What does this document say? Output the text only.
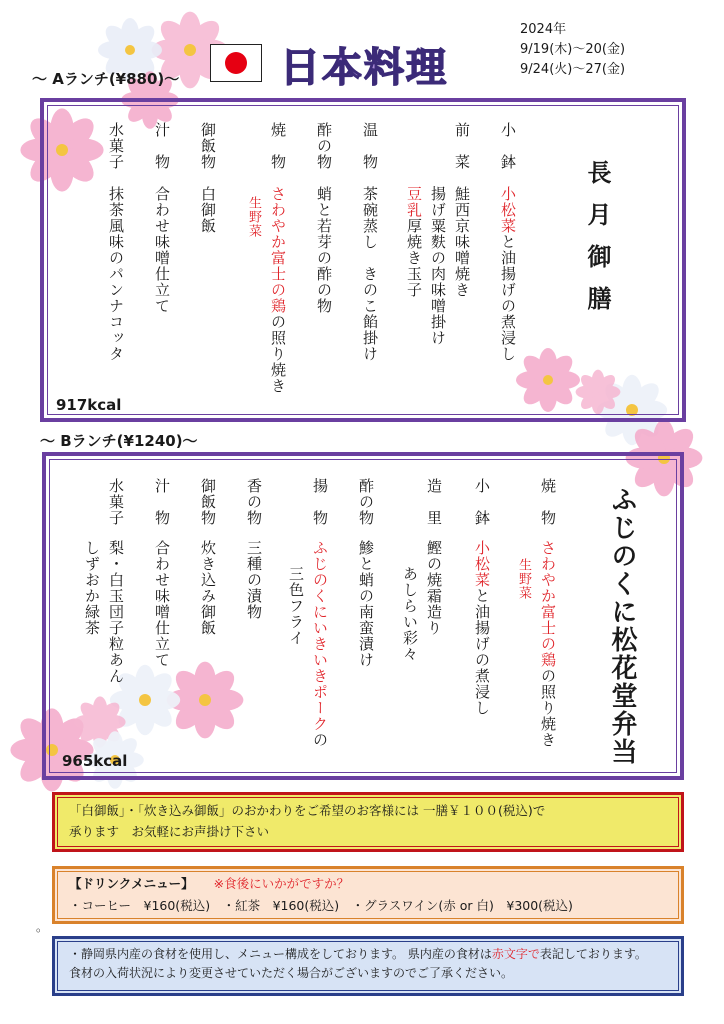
日本料理
2024年
9/19(木)～20(金)
9/24(火)～27(金)
～ Aランチ(¥880)～
長月御膳
小　鉢
小松菜と油揚げの煮浸し
前　菜
鮭西京味噌焼き
揚げ粟麩の肉味噌掛け
豆乳厚焼き玉子
温　物
茶碗蒸し　きのこ餡掛け
酢の物
蛸と若芽の酢の物
焼　物
さわやか富士の鶏の照り焼き
生野菜
御飯物
白御飯
汁　物
合わせ味噌仕立て
水菓子
抹茶風味のパンナコッタ
917kcal
～ Bランチ(¥1240)～
ふじのくに松花堂弁当
焼　物
さわやか富士の鶏の照り焼き
生野菜
小　鉢
小松菜と油揚げの煮浸し
造　里
鰹の焼霜造り
あしらい彩々
酢の物
鯵と蛸の南蛮漬け
揚　物
ふじのくにいきいきポークの
三色フライ
香の物
三種の漬物
御飯物
炊き込み御飯
汁　物
合わせ味噌仕立て
水菓子
梨・白玉団子粒あん
しずおか緑茶
965kcal
「白御飯」・「炊き込み御飯」のおかわりをご希望のお客様には 一膳￥１００(税込)で
承ります　お気軽にお声掛け下さい
【ドリンクメニュー】 ※食後にいかがですか？
・コーヒー　¥160(税込)　・紅茶　¥160(税込)　・グラスワイン(赤 or 白)　¥300(税込)
。
・静岡県内産の食材を使用し、メニュー構成をしております。 県内産の食材は赤文字で表記しております。
食材の入荷状況により変更させていただく場合がございますのでご了承ください。
